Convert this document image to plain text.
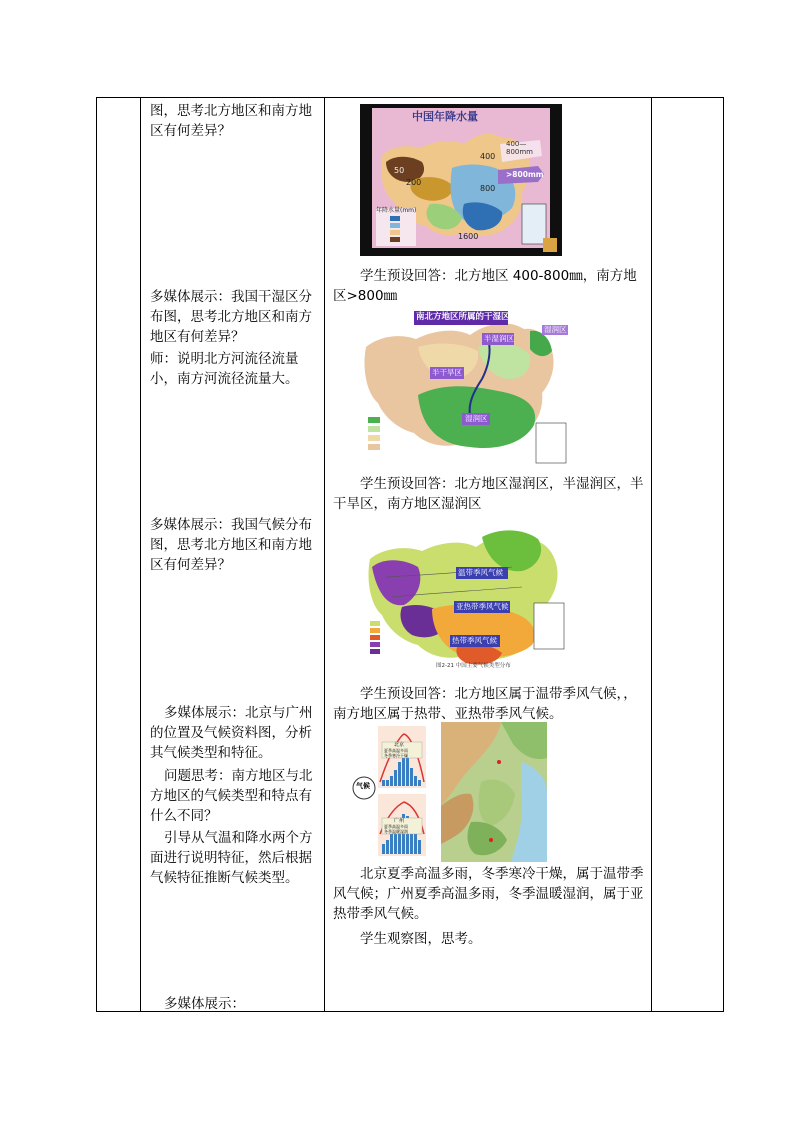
图，思考北方地区和南方地区有何差异？
多媒体展示：我国干湿区分布图，思考北方地区和南方地区有何差异？
师：说明北方河流径流量小，南方河流径流量大。
多媒体展示：我国气候分布图，思考北方地区和南方地区有何差异？
多媒体展示：北京与广州的位置及气候资料图，分析其气候类型和特征。
问题思考：南方地区与北方地区的气候类型和特点有什么不同？
引导从气温和降水两个方面进行说明特征，然后根据气候特征推断气候类型。
多媒体展示：
中国年降水量
400—800mm
>800mm
400
200
50
800
1600
年降水量(mm)
学生预设回答：北方地区 400-800㎜，南方地区>800㎜
南北方地区所属的干湿区
半湿润区
湿润区
半干旱区
湿润区
学生预设回答：北方地区湿润区，半湿润区，半干旱区，南方地区湿润区
温带季风气候
亚热带季风气候
热带季风气候
图2-21 中国主要气候类型分布
学生预设回答：北方地区属于温带季风气候，，南方地区属于热带、亚热带季风气候。
北京
夏季高温多雨
冬季寒冷干燥
广州
夏季高温多雨
冬季温暖湿润
气候
北京夏季高温多雨，冬季寒冷干燥，属于温带季风气候；广州夏季高温多雨，冬季温暖湿润，属于亚热带季风气候。
学生观察图，思考。
